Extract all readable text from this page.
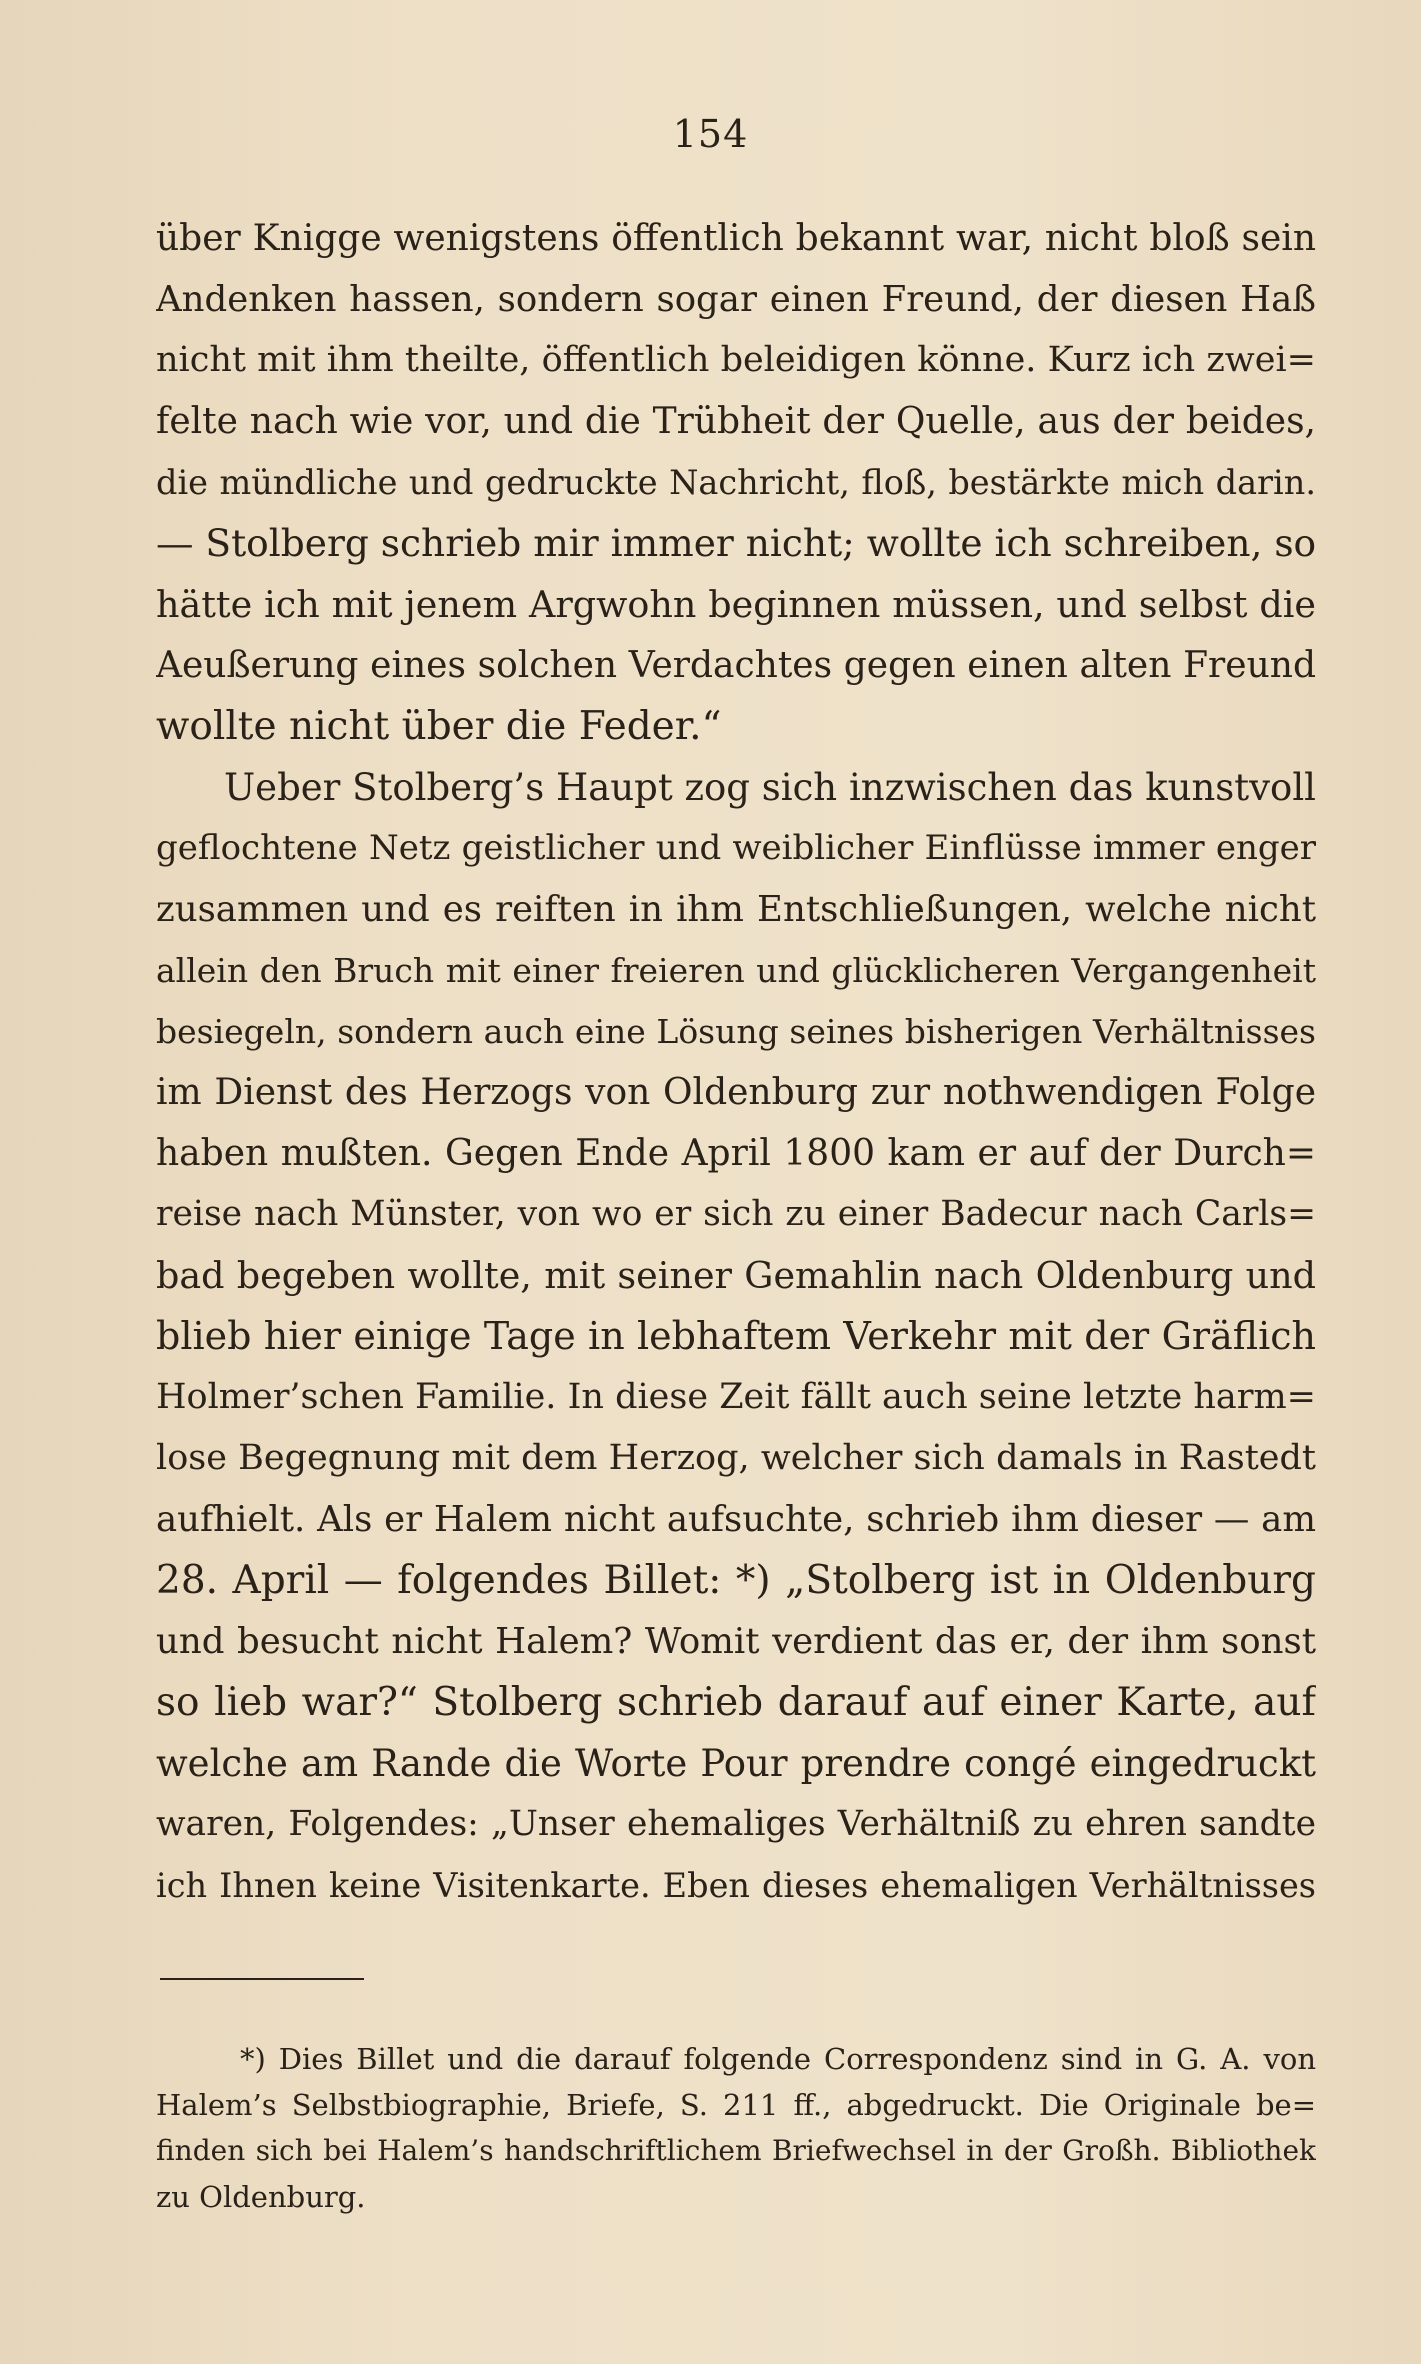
154
über Knigge wenigstens öffentlich bekannt war, nicht bloß sein
Andenken hassen, sondern sogar einen Freund, der diesen Haß
nicht mit ihm theilte, öffentlich beleidigen könne. Kurz ich zwei=
felte nach wie vor, und die Trübheit der Quelle, aus der beides,
die mündliche und gedruckte Nachricht, floß, bestärkte mich darin.
— Stolberg schrieb mir immer nicht; wollte ich schreiben, so
hätte ich mit jenem Argwohn beginnen müssen, und selbst die
Aeußerung eines solchen Verdachtes gegen einen alten Freund
wollte nicht über die Feder.“
Ueber Stolberg’s Haupt zog sich inzwischen das kunstvoll
geflochtene Netz geistlicher und weiblicher Einflüsse immer enger
zusammen und es reiften in ihm Entschließungen, welche nicht
allein den Bruch mit einer freieren und glücklicheren Vergangenheit
besiegeln, sondern auch eine Lösung seines bisherigen Verhältnisses
im Dienst des Herzogs von Oldenburg zur nothwendigen Folge
haben mußten. Gegen Ende April 1800 kam er auf der Durch=
reise nach Münster, von wo er sich zu einer Badecur nach Carls=
bad begeben wollte, mit seiner Gemahlin nach Oldenburg und
blieb hier einige Tage in lebhaftem Verkehr mit der Gräflich
Holmer’schen Familie. In diese Zeit fällt auch seine letzte harm=
lose Begegnung mit dem Herzog, welcher sich damals in Rastedt
aufhielt. Als er Halem nicht aufsuchte, schrieb ihm dieser — am
28. April — folgendes Billet: *) „Stolberg ist in Oldenburg
und besucht nicht Halem? Womit verdient das er, der ihm sonst
so lieb war?“ Stolberg schrieb darauf auf einer Karte, auf
welche am Rande die Worte Pour prendre congé eingedruckt
waren, Folgendes: „Unser ehemaliges Verhältniß zu ehren sandte
ich Ihnen keine Visitenkarte. Eben dieses ehemaligen Verhältnisses
*) Dies Billet und die darauf folgende Correspondenz sind in G. A. von
Halem’s Selbstbiographie, Briefe, S. 211 ff., abgedruckt. Die Originale be=
finden sich bei Halem’s handschriftlichem Briefwechsel in der Großh. Bibliothek
zu Oldenburg.
